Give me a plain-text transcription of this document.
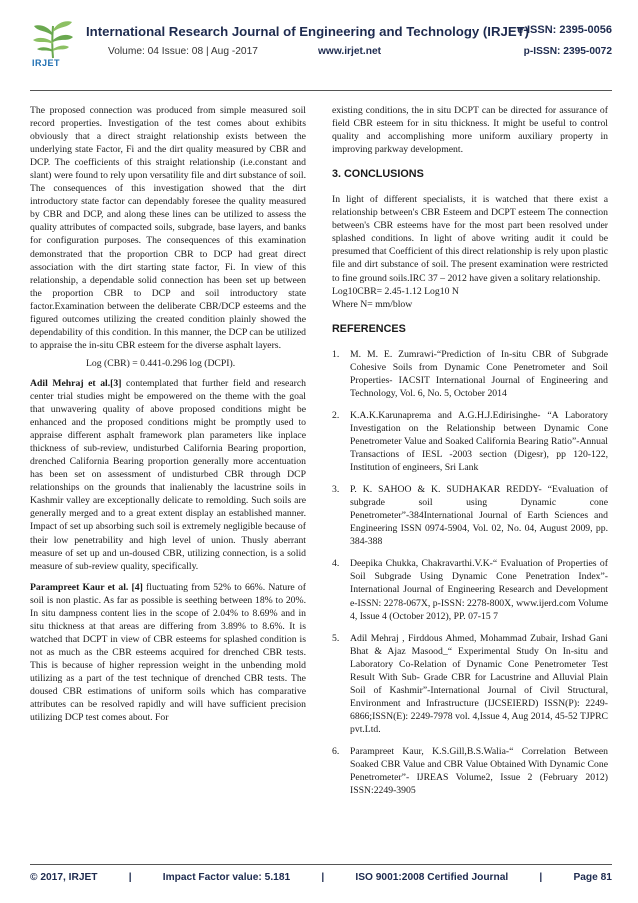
IRJET
International Research Journal of Engineering and Technology (IRJET)
e-ISSN: 2395-0056
Volume: 04 Issue: 08 | Aug -2017	www.irjet.net	p-ISSN: 2395-0072

The proposed connection was produced from simple measured soil record properties. Investigation of the test comes about exhibits obviously that a direct straight relationship exists between the underlying state Factor, Fi and the dirt quality measured by CBR and DCP. The coefficients of this straight relationship (i.e.constant and slant) were found to rely upon versatility file and dirt substance of soil. The consequences of this investigation showed that the dirt introductory state factor can dependably foresee the quality measured by CBR and DCP, and along these lines can be utilized to assess the quality attributes of compacted soils, subgrade, base layers, and banks for configuration purposes. The consequences of this examination demonstrated that the proportion CBR to DCP had great direct association with the dirt starting state factor, Fi. In view of this relationship, a dependable solid connection has been set up between the proportion CBR to DCP and soil introductory state factor.Examination between the deliberate CBR/DCP esteems and the figured outcomes utilizing the created condition plainly showed the dependability of this condition. In this manner, the DCP can be utilized to appraise the in-situ CBR esteem for the diverse asphalt layers.

Log (CBR) = 0.441-0.296 log (DCPI).

Adil Mehraj et al.[3] contemplated that further field and research center trial studies might be empowered on the theme with the goal that unwavering quality of above proposed conditions might be enhanced and the proposed conditions might be promptly used to appraise different asphalt framework plan parameters like inplace thickness of sub-review, undisturbed California Bearing proportion, drenched California Bearing proportion generally more accentuation has been set on assessment of undisturbed CBR through DCP relationships on the grounds that inalienably the lacustrine soils in Kashmir valley are exceptionally delicate to remolding. Such soils are generally merged and to a great extent display an established manner. Impact of set up absorbing such soil is extremely negligible because of their low penetrability and high level of union. Thusly aberrant measure of set up and un-doused CBR, utilizing connection, is a solid measure of sub-review quality, specifically.

Parampreet Kaur et al. [4] fluctuating from 52% to 66%. Nature of soil is non plastic. As far as possible is seething between 18% to 20%. In situ dampness content lies in the scope of 2.04% to 8.69% and in situ thickness at that areas are differing from 3.89% to 8.6%. It is watched that DCPT in view of CBR esteems for splashed condition is not as much as the CBR esteems acquired for drenched CBR tests. This is because of higher repression weight in the unbending mold utilizing as a part of the test technique of drenched CBR tests. The doused CBR estimations of uniform soils which has comparative attributes can be resolved rapidly and will have sufficient precision utilizing DCP test comes about. For

existing conditions, the in situ DCPT can be directed for assurance of field CBR esteem for in situ thickness. It might be useful to control quality and accomplishing more uniform auxiliary property in improving parkway development.

3. CONCLUSIONS

In light of different specialists, it is watched that there exist a relationship between's CBR Esteem and DCPT esteem The connection between's CBR esteems have for the most part been resolved under splashed conditions. In light of above writing audit it could be presumed that Coefficient of this direct relationship is rely upon plastic file and dirt substance of soil. The present examination were restricted to fine ground soils.IRC 37 – 2012 have given a solitary relationship.

Log10CBR= 2.45-1.12 Log10 N

Where N= mm/blow

REFERENCES
1.	M. M. E. Zumrawi-“Prediction of In-situ CBR of Subgrade Cohesive Soils from Dynamic Cone Penetrometer and Soil Properties- IACSIT International Journal of Engineering and Technology, Vol. 6, No. 5, October 2014
2.	K.A.K.Karunaprema and A.G.H.J.Edirisinghe- “A Laboratory Investigation on the Relationship between Dynamic Cone Penetrometer Value and Soaked California Bearing Ratio”-Annual Transactions of IESL -2003 section (Digesr), pp 120-122, Institution of engineers, Sri Lank
3.	P. K. SAHOO & K. SUDHAKAR REDDY- “Evaluation of subgrade soil using Dynamic cone Penetrometer”-384International Journal of Earth Sciences and Engineering ISSN 0974-5904, Vol. 02, No. 04, August 2009, pp. 384-388
4.	Deepika Chukka, Chakravarthi.V.K-“ Evaluation of Properties of Soil Subgrade Using Dynamic Cone Penetration Index”-International Journal of Engineering Research and Development e-ISSN: 2278-067X, p-ISSN: 2278-800X, www.ijerd.com Volume 4, Issue 4 (October 2012), PP. 07-15 7
5.	Adil Mehraj , Firddous Ahmed, Mohammad Zubair, Irshad Gani Bhat & Ajaz Masood_“ Experimental Study On In-situ and Laboratory Co-Relation of Dynamic Cone Penetrometer Test Result With Sub- Grade CBR for Lacustrine and Alluvial Plain Soil of Kashmir”-International Journal of Civil Structural, Environment and Infrastructure (IJCSEIERD) ISSN(P): 2249-6866;ISSN(E): 2249-7978 vol. 4,Issue 4, Aug 2014, 45-52 TJPRC pvt.Ltd.
6.	Parampreet Kaur, K.S.Gill,B.S.Walia-“ Correlation Between Soaked CBR Value and CBR Value Obtained With Dynamic Cone Penetrometer”- IJREAS Volume2, Issue 2 (February 2012) ISSN:2249-3905
© 2017, IRJET	|	Impact Factor value: 5.181	|	ISO 9001:2008 Certified Journal	|	Page 81
